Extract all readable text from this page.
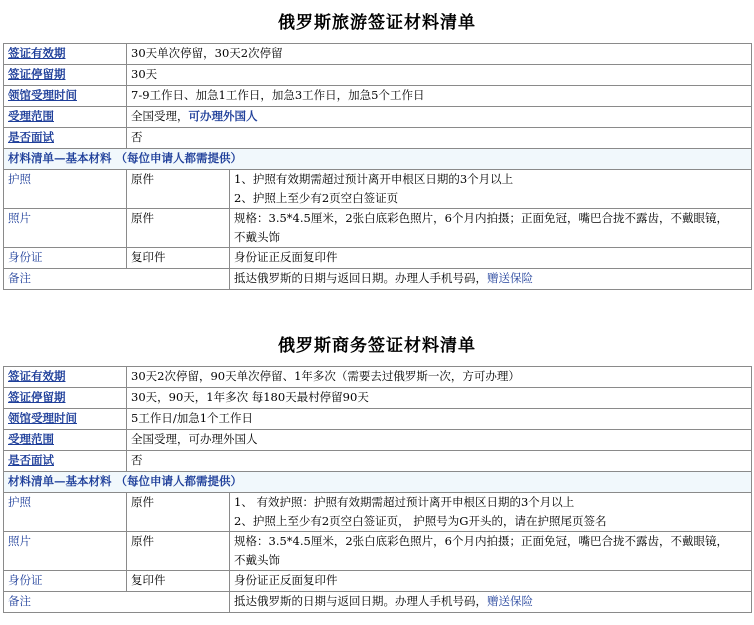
俄罗斯旅游签证材料清单
签证有效期	30天单次停留，30天2次停留	
签证停留期	30天	
领馆受理时间	7-9工作日、加急1工作日，加急3工作日，加急5个工作日	
受理范围	全国受理，可办理外国人	
是否面试	否	
材料清单—基本材料 （每位申请人都需提供）		
护照	原件	1、护照有效期需超过预计离开申根区日期的3个月以上
2、护照上至少有2页空白签证页

照片	原件	规格：3.5*4.5厘米，2张白底彩色照片，6个月内拍摄；正面免冠，嘴巴合拢不露齿，不戴眼镜，
不戴头饰

身份证	复印件	身份证正反面复印件
备注		抵达俄罗斯的日期与返回日期。办理人手机号码，赠送保险
俄罗斯商务签证材料清单
签证有效期	30天2次停留，90天单次停留、1年多次（需要去过俄罗斯一次，方可办理）	
签证停留期	30天，90天，1年多次 每180天最村停留90天	
领馆受理时间	5工作日/加急1个工作日	
受理范围	全国受理，可办理外国人	
是否面试	否	
材料清单—基本材料 （每位申请人都需提供）		
护照	原件	1、 有效护照：护照有效期需超过预计离开申根区日期的3个月以上
2、护照上至少有2页空白签证页， 护照号为G开头的，请在护照尾页签名

照片	原件	规格：3.5*4.5厘米，2张白底彩色照片，6个月内拍摄；正面免冠，嘴巴合拢不露齿，不戴眼镜，
不戴头饰

身份证	复印件	身份证正反面复印件
备注		抵达俄罗斯的日期与返回日期。办理人手机号码，赠送保险
